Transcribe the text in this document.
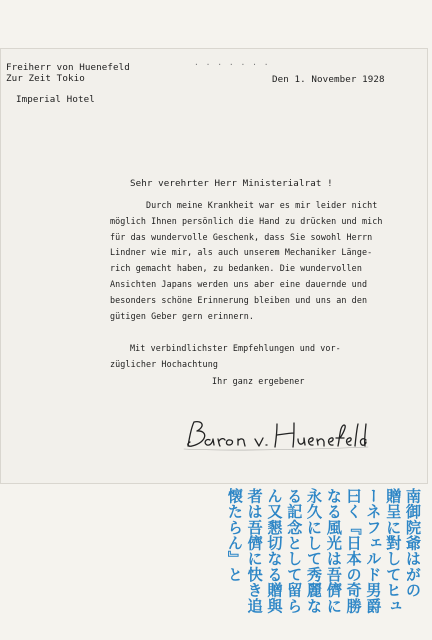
· · · · · · ·
Freiherr von Huenefeld
Zur Zeit Tokio
Imperial Hotel
Den 1. November 1928
Sehr verehrter Herr Ministerialrat !
Durch meine Krankheit war es mir leider nicht
möglich Ihnen persönlich die Hand zu drücken und mich
für das wundervolle Geschenk, dass Sie sowohl Herrn
Lindner wie mir, als auch unserem Mechaniker Länge-
rich gemacht haben, zu bedanken. Die wundervollen
Ansichten Japans werden uns aber eine dauernde und
besonders schöne Erinnerung bleiben und uns an den
gütigen Geber gern erinnern.
Mit verbindlichster Empfehlungen und vor-
züglicher Hochachtung
Ihr ganz ergebener
南御院爺はがの
贈呈に對してヒュ
ーネフェルド男爵
曰く『日本の奇勝
なる風光は吾儕に
永久にして秀麗な
る記念として留ら
ん又懇切なる贈與
者は吾儕に快き追
懐たらん』と
